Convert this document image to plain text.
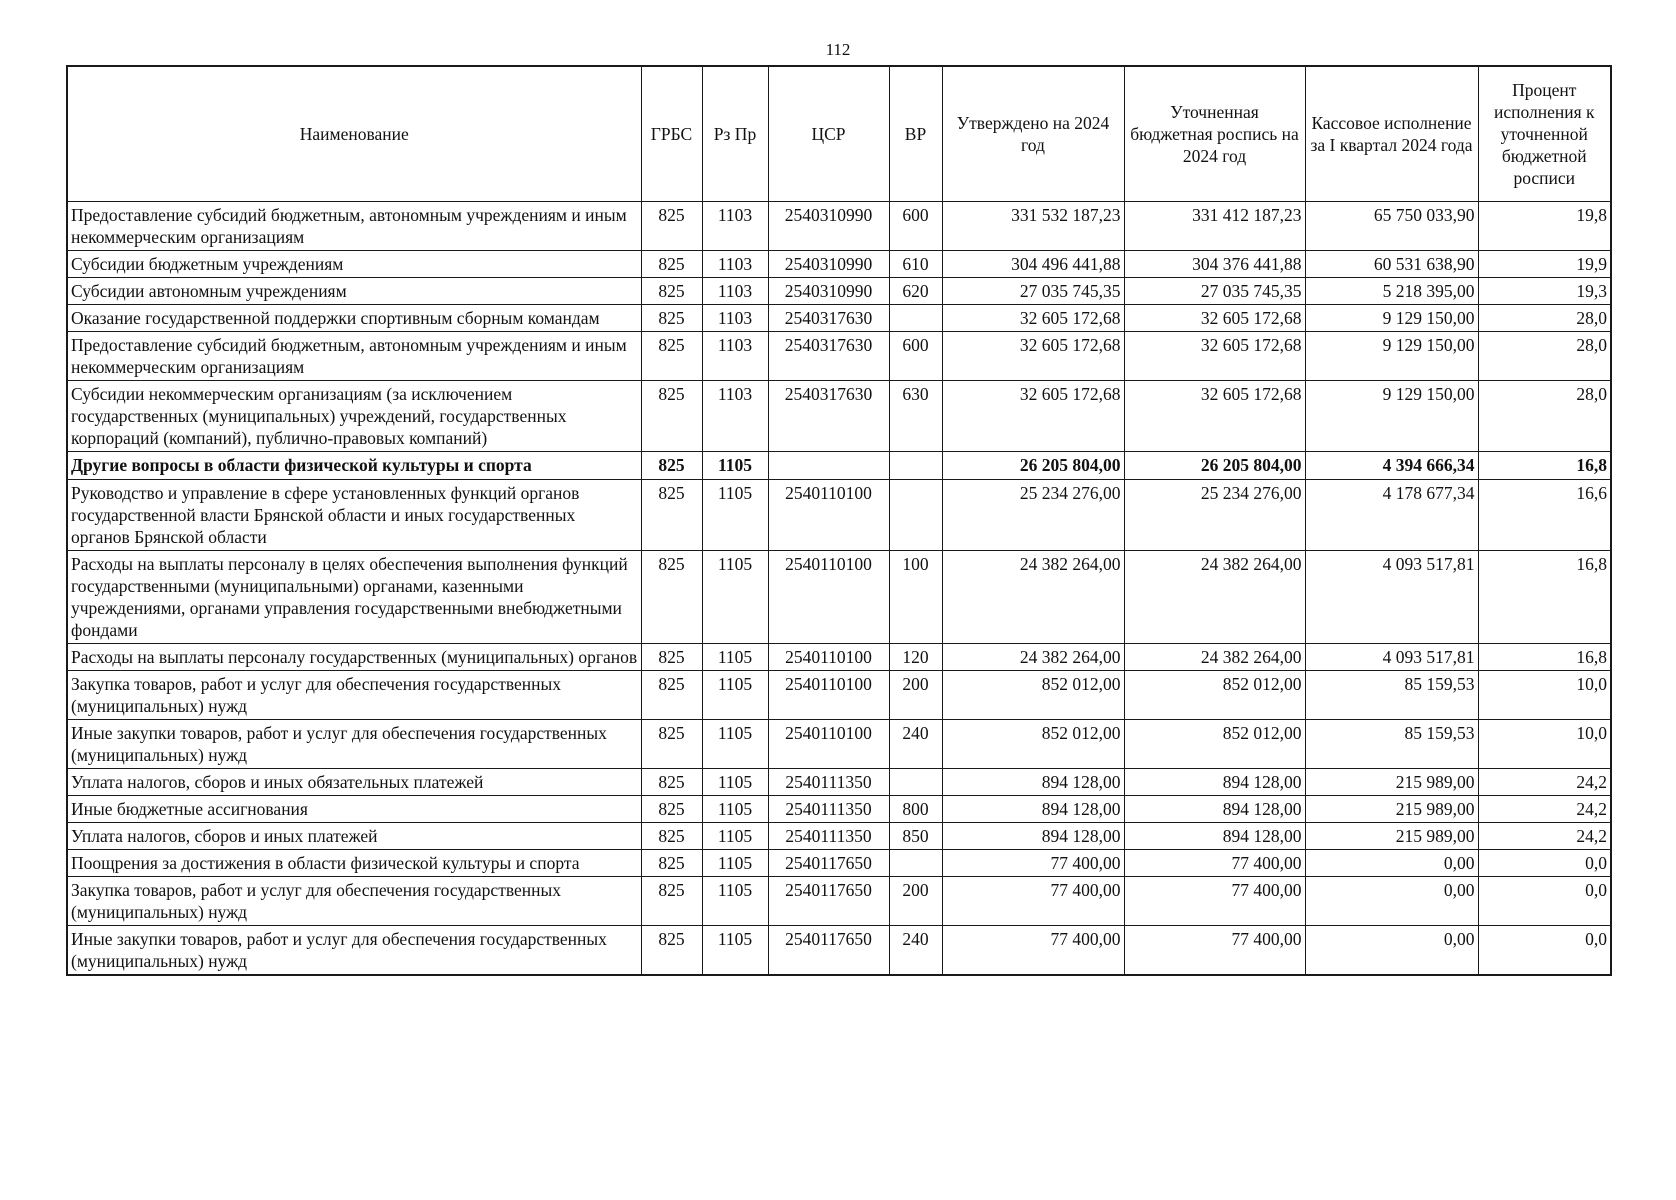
112
Наименование	ГРБС	Рз Пр	ЦСР	ВР	Утверждено на 2024 год	Уточненная бюджетная роспись на 2024 год	Кассовое исполнение за I квартал 2024 года	Процент исполнения к уточненной бюджетной росписи
Предоставление субсидий бюджетным, автономным учреждениям и иным некоммерческим организациям	825	1103	2540310990	600	331 532 187,23	331 412 187,23	65 750 033,90	19,8
Субсидии бюджетным учреждениям	825	1103	2540310990	610	304 496 441,88	304 376 441,88	60 531 638,90	19,9
Субсидии автономным учреждениям	825	1103	2540310990	620	27 035 745,35	27 035 745,35	5 218 395,00	19,3
Оказание государственной поддержки спортивным сборным командам	825	1103	2540317630		32 605 172,68	32 605 172,68	9 129 150,00	28,0
Предоставление субсидий бюджетным, автономным учреждениям и иным некоммерческим организациям	825	1103	2540317630	600	32 605 172,68	32 605 172,68	9 129 150,00	28,0
Субсидии некоммерческим организациям (за исключением государственных (муниципальных) учреждений, государственных корпораций (компаний), публично-правовых компаний)	825	1103	2540317630	630	32 605 172,68	32 605 172,68	9 129 150,00	28,0
Другие вопросы в области физической культуры и спорта	825	1105			26 205 804,00	26 205 804,00	4 394 666,34	16,8
Руководство и управление в сфере установленных функций органов государственной власти Брянской области и иных государственных органов Брянской области	825	1105	2540110100		25 234 276,00	25 234 276,00	4 178 677,34	16,6
Расходы на выплаты персоналу в целях обеспечения выполнения функций государственными (муниципальными) органами, казенными учреждениями, органами управления государственными внебюджетными фондами	825	1105	2540110100	100	24 382 264,00	24 382 264,00	4 093 517,81	16,8
Расходы на выплаты персоналу государственных (муниципальных) органов	825	1105	2540110100	120	24 382 264,00	24 382 264,00	4 093 517,81	16,8
Закупка товаров, работ и услуг для обеспечения государственных (муниципальных) нужд	825	1105	2540110100	200	852 012,00	852 012,00	85 159,53	10,0
Иные закупки товаров, работ и услуг для обеспечения государственных (муниципальных) нужд	825	1105	2540110100	240	852 012,00	852 012,00	85 159,53	10,0
Уплата налогов, сборов и иных обязательных платежей	825	1105	2540111350		894 128,00	894 128,00	215 989,00	24,2
Иные бюджетные ассигнования	825	1105	2540111350	800	894 128,00	894 128,00	215 989,00	24,2
Уплата налогов, сборов и иных платежей	825	1105	2540111350	850	894 128,00	894 128,00	215 989,00	24,2
Поощрения за достижения в области физической культуры и спорта	825	1105	2540117650		77 400,00	77 400,00	0,00	0,0
Закупка товаров, работ и услуг для обеспечения государственных (муниципальных) нужд	825	1105	2540117650	200	77 400,00	77 400,00	0,00	0,0
Иные закупки товаров, работ и услуг для обеспечения государственных (муниципальных) нужд	825	1105	2540117650	240	77 400,00	77 400,00	0,00	0,0
